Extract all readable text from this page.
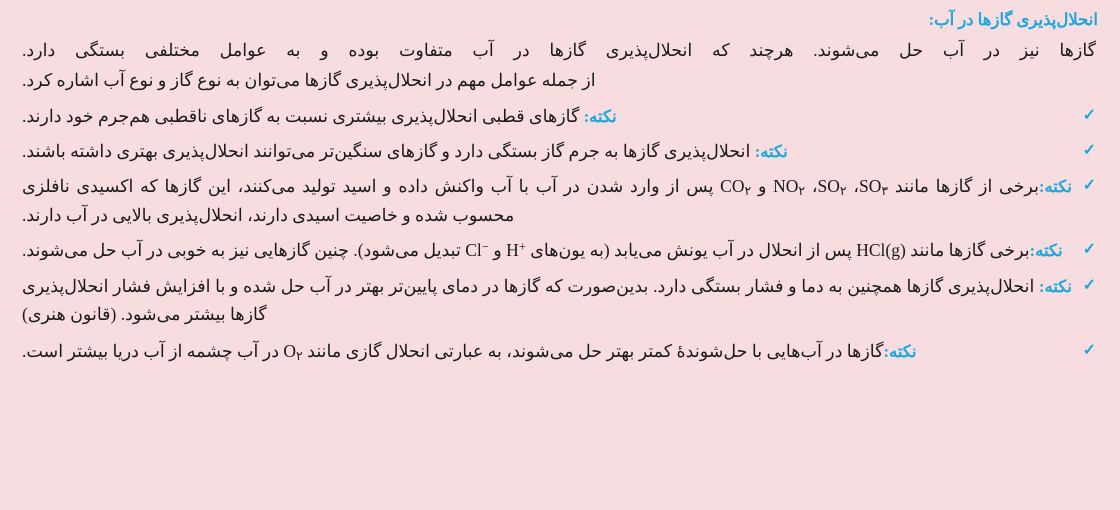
انحلال‌پذیری گازها در آب:

گازها نیز در آب حل می‌شوند. هرچند که انحلال‌پذیری گازها در آب متفاوت بوده و به عوامل مختلفی بستگی دارد.

از جمله عوامل مهم در انحلال‌پذیری گازها می‌توان به نوع گاز و نوع آب اشاره کرد.

✓
نکته: گازهای قطبی انحلال‌پذیری بیشتری نسبت به گازهای ناقطبی هم‌جرم خود دارند.
✓
نکته: انحلال‌پذیری گازها به جرم گاز بستگی دارد و گازهای سنگین‌تر می‌توانند انحلال‌پذیری بهتری داشته باشند.
✓
نکته:برخی از گازها مانند $SO_٣،$ $SO_٢،$ $NO_٢$ و $CO_٢$ پس از وارد شدن در آب با آب واکنش داده و اسید تولید می‌کنند، این گازها که اکسیدی نافلزی محسوب شده و خاصیت اسیدی دارند، انحلال‌پذیری بالایی در آب دارند.
✓
نکته:برخی گازها مانند HCl(g) پس از انحلال در آب یونش می‌یابد (به یون‌های H+ و Cl− تبدیل می‌شود). چنین گازهایی نیز به خوبی در آب حل می‌شوند.
✓
نکته: انحلال‌پذیری گازها همچنین به دما و فشار بستگی دارد. بدین‌صورت که گازها در دمای پایین‌تر بهتر در آب حل شده و با افزایش فشار انحلال‌پذیری گازها بیشتر می‌شود. (قانون هنری)
✓
نکته:گازها در آب‌هایی با حل‌شوندهٔ کمتر بهتر حل می‌شوند، به عبارتی انحلال گازی مانند $O_٢$ در آب چشمه از آب دریا بیشتر است.
